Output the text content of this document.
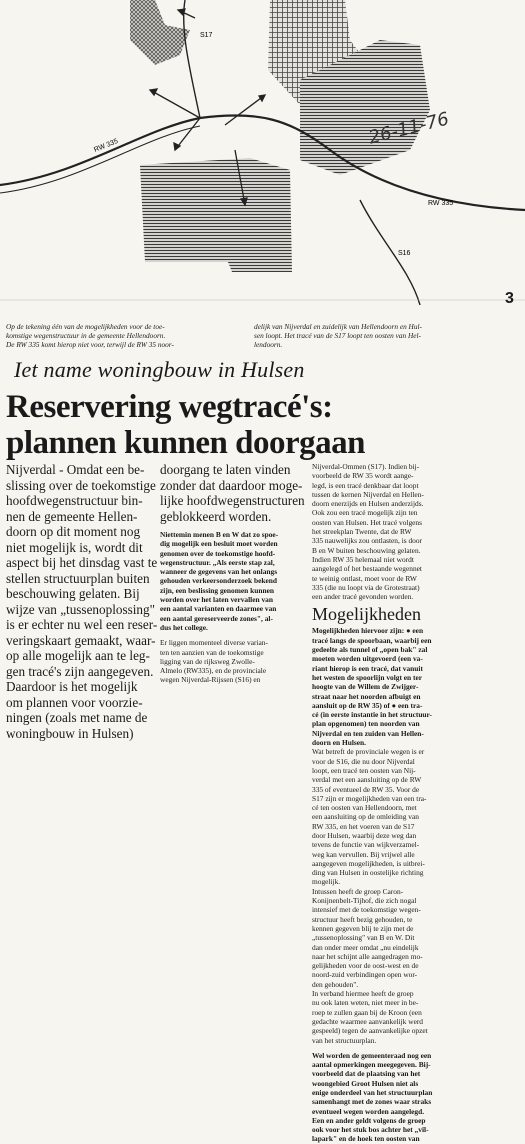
S17
RW 335
RW 335
S16
26-11-76
3
Op de tekening één van de mogelijkheden voor de toe-
komstige wegenstructuur in de gemeente Hellendoorn.
De RW 335 komt hierop niet voor, terwijl de RW 35 noor-
delijk van Nijverdal en zuidelijk van Hellendoorn en Hul-
sen loopt. Het tracé van de S17 loopt ten oosten van Hel-
lendoorn.
Iet name woningbouw in Hulsen
Reservering wegtracé's:
plannen kunnen doorgaan

Nijverdal - Omdat een be-

slissing over de toekomstige

hoofdwegenstructuur bin-

nen de gemeente Hellen-

doorn op dit moment nog

niet mogelijk is, wordt dit

aspect bij het dinsdag vast te

stellen structuurplan buiten

beschouwing gelaten. Bij

wijze van „tussenoplossing"

is er echter nu wel een reser-

veringskaart gemaakt, waar-

op alle mogelijk aan te leg-

gen tracé's zijn aangegeven.

Daardoor is het mogelijk

om plannen voor voorzie-

ningen (zoals met name de

woningbouw in Hulsen)

doorgang te laten vinden

zonder dat daardoor moge-

lijke hoofdwegenstructuren

geblokkeerd worden.

Niettemin menen B en W dat zo spoe-

dig mogelijk een besluit moet worden

genomen over de toekomstige hoofd-

wegenstructuur. „Als eerste stap zal,

wanneer de gegevens van het onlangs

gehouden verkeersonderzoek bekend

zijn, een beslissing genomen kunnen

worden over het laten vervallen van

een aantal varianten en daarmee van

een aantal gereserveerde zones", al-

dus het college.

Er liggen momenteel diverse varian-

ten ten aanzien van de toekomstige

ligging van de rijksweg Zwolle-

Almelo (RW335), en de provinciale

wegen Nijverdal-Rijssen (S16) en

Nijverdal-Ommen (S17). Indien bij-

voorbeeld de RW 35 wordt aange-

legd, is een tracé denkbaar dat loopt

tussen de kernen Nijverdal en Hellen-

doorn enerzijds en Hulsen anderzijds.

Ook zou een tracé mogelijk zijn ten

oosten van Hulsen. Het tracé volgens

het streekplan Twente, dat de RW

335 nauwelijks zou ontlasten, is door

B en W buiten beschouwing gelaten.

Indien RW 35 helemaal niet wordt

aangelegd of het bestaande wegennet

te weinig ontlast, moet voor de RW

335 (die nu loopt via de Grotestraat)

een ander tracé gevonden worden.

Mogelijkheden

Mogelijkheden hiervoor zijn: ● een

tracé langs de spoorbaan, waarbij een

gedeelte als tunnel of „open bak" zal

moeten worden uitgevoerd (een va-

riant hierop is een tracé, dat vanuit

het westen de spoorlijn volgt en ter

hoogte van de Willem de Zwijger-

straat naar het noorden afbuigt en

aansluit op de RW 35) of ● een tra-

cé (in eerste instantie in het structuur-

plan opgenomen) ten noorden van

Nijverdal en ten zuiden van Hellen-

doorn en Hulsen.

Wat betreft de provinciale wegen is er

voor de S16, die nu door Nijverdal

loopt, een tracé ten oosten van Nij-

verdal met een aansluiting op de RW

335 of eventueel de RW 35. Voor de

S17 zijn er mogelijkheden van een tra-

cé ten oosten van Hellendoorn, met

een aansluiting op de omleiding van

RW 335, en het voeren van de S17

door Hulsen, waarbij deze weg dan

tevens de functie van wijkverzamel-

weg kan vervullen. Bij vrijwel alle

aangegeven mogelijkheden, is uitbrei-

ding van Hulsen in oostelijke richting

mogelijk.

Intussen heeft de groep Caron-

Konijnenbelt-Tijhof, die zich nogal

intensief met de toekomstige wegen-

structuur heeft bezig gehouden, te

kennen gegeven blij te zijn met de

„tussenoplossing" van B en W. Dit

dan onder meer omdat „nu eindelijk

naar het schijnt alle aangedragen mo-

gelijkheden voor de oost-west en de

noord-zuid verbindingen open wor-

den gehouden".

In verband hiermee heeft de groep

nu ook laten weten, niet meer in be-

roep te zullen gaan bij de Kroon (een

gedachte waarmee aanvankelijk werd

gespeeld) tegen de aanvankelijke opzet

van het structuurplan.

Wel worden de gemeenteraad nog een

aantal opmerkingen meegegeven. Bij-

voorbeeld dat de plaatsing van het

woongebied Groot Hulsen niet als

enige onderdeel van het structuurplan

samenhangt met de zones waar straks

eventueel wegen worden aangelegd.

Een en ander geldt volgens de groep

ook voor het stuk bos achter het „vil-

lapark" en de hoek ten oosten van
